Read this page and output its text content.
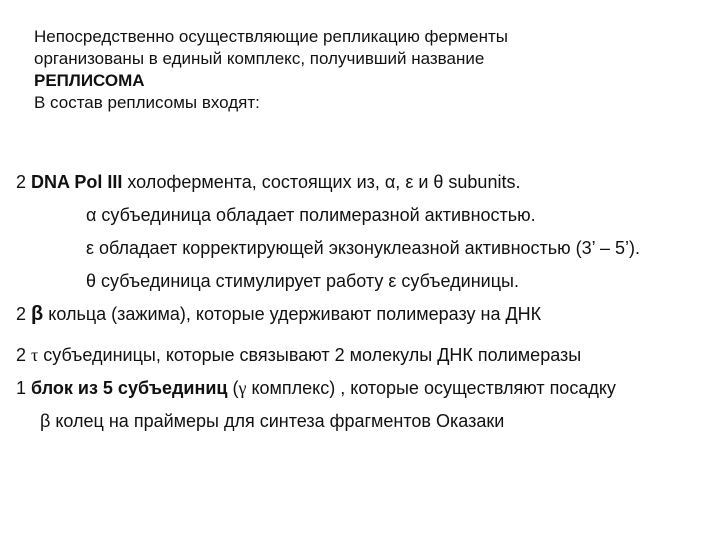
Непосредственно осуществляющие репликацию ферменты
организованы в единый комплекс, получивший название
РЕПЛИСОМА
В состав реплисомы входят:
2 DNA Pol III холофермента, состоящих из, α, ε и θ subunits.
α субъединица обладает полимеразной активностью.
ε обладает корректирующей экзонуклеазной активностью (3’ – 5’).
θ субъединица стимулирует работу ε субъединицы.
2 β кольца (зажима), которые удерживают полимеразу на ДНК
2 τ субъединицы, которые связывают 2 молекулы ДНК полимеразы
1 блок из 5 субъединиц (γ комплекс) , которые осуществляют посадку
β колец на праймеры для синтеза фрагментов Оказаки
